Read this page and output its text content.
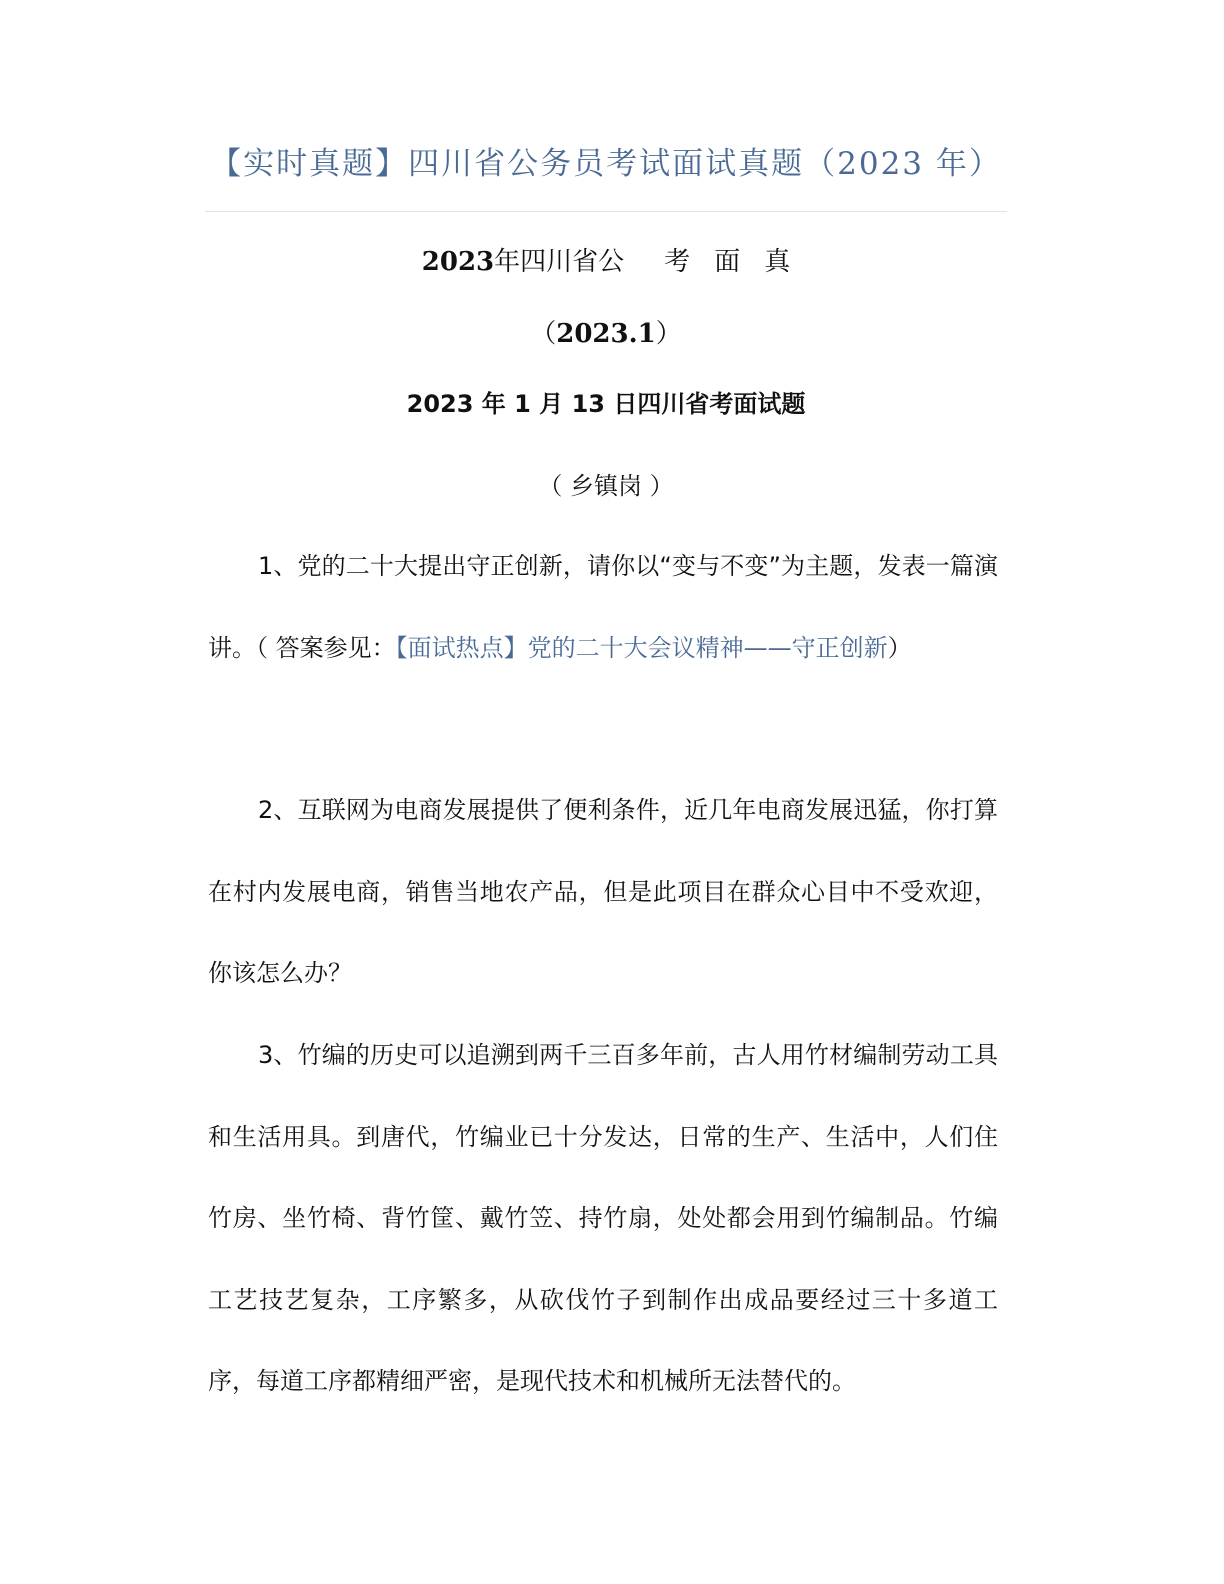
【实时真题】四川省公务员考试面试真题（2023 年）
2023年四川省公 考 面 真
（2023.1）
2023 年 1 月 13 日四川省考面试题
（ 乡镇岗 ）

1、党的二十大提出守正创新，请你以“变与不变”为主题，发表一篇演讲。（ 答案参见：【面试热点】党的二十大会议精神——守正创新）

2、互联网为电商发展提供了便利条件，近几年电商发展迅猛，你打算在村内发展电商，销售当地农产品，但是此项目在群众心目中不受欢迎，你该怎么办？

3、竹编的历史可以追溯到两千三百多年前，古人用竹材编制劳动工具和生活用具。到唐代，竹编业已十分发达，日常的生产、生活中，人们住竹房、坐竹椅、背竹筐、戴竹笠、持竹扇，处处都会用到竹编制品。竹编工艺技艺复杂，工序繁多，从砍伐竹子到制作出成品要经过三十多道工序，每道工序都精细严密，是现代技术和机械所无法替代的。
